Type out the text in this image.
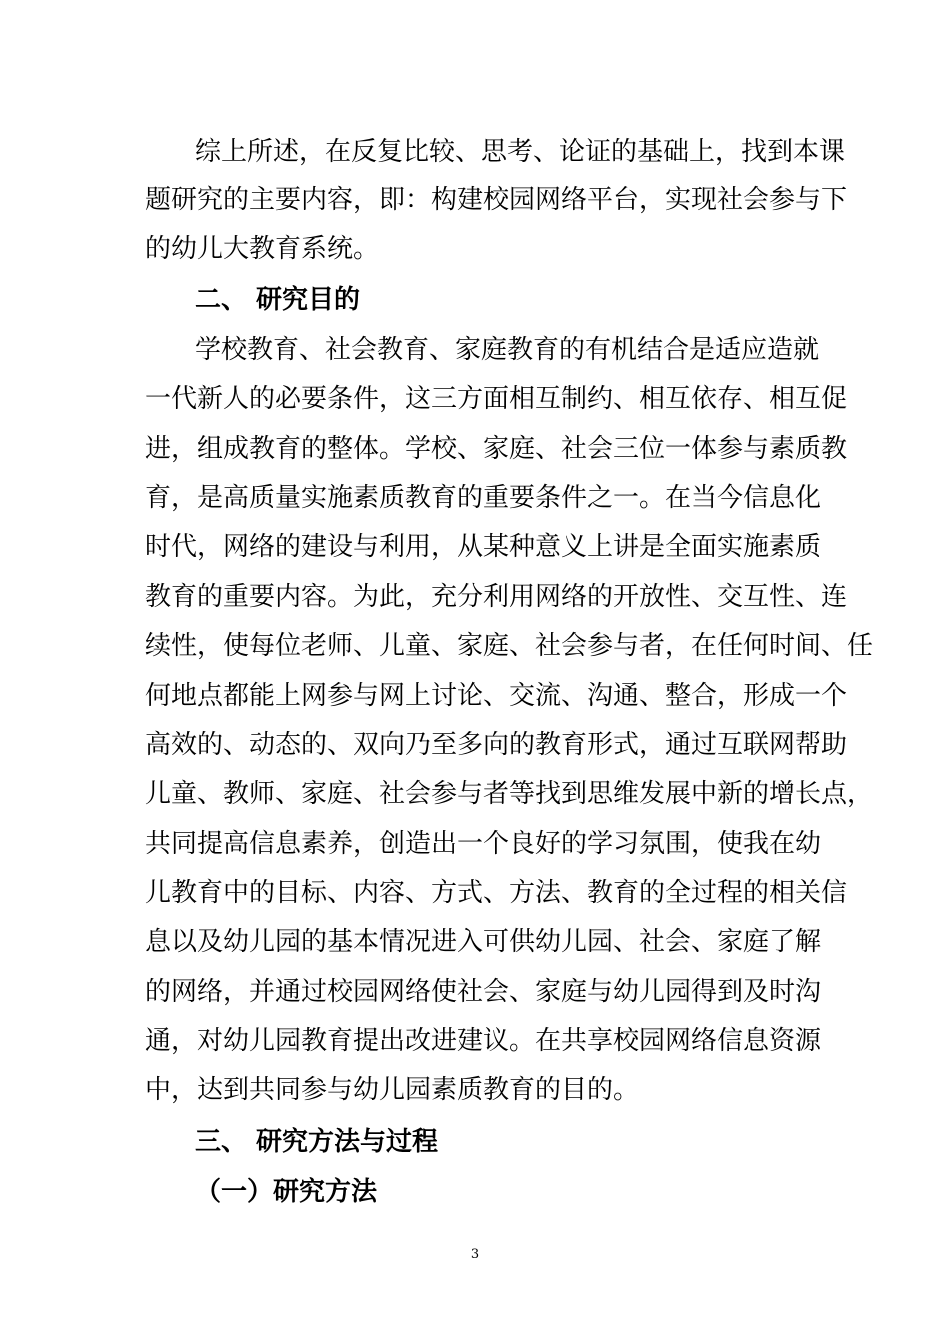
综上所述，在反复比较、思考、论证的基础上，找到本课
题研究的主要内容，即：构建校园网络平台，实现社会参与下
的幼儿大教育系统。
二、 研究目的
学校教育、社会教育、家庭教育的有机结合是适应造就
一代新人的必要条件，这三方面相互制约、相互依存、相互促
进，组成教育的整体。学校、家庭、社会三位一体参与素质教
育，是高质量实施素质教育的重要条件之一。在当今信息化
时代，网络的建设与利用，从某种意义上讲是全面实施素质
教育的重要内容。为此，充分利用网络的开放性、交互性、连
续性，使每位老师、儿童、家庭、社会参与者，在任何时间、任
何地点都能上网参与网上讨论、交流、沟通、整合，形成一个
高效的、动态的、双向乃至多向的教育形式，通过互联网帮助
儿童、教师、家庭、社会参与者等找到思维发展中新的增长点，
共同提高信息素养，创造出一个良好的学习氛围，使我在幼
儿教育中的目标、内容、方式、方法、教育的全过程的相关信
息以及幼儿园的基本情况进入可供幼儿园、社会、家庭了解
的网络，并通过校园网络使社会、家庭与幼儿园得到及时沟
通，对幼儿园教育提出改进建议。在共享校园网络信息资源
中，达到共同参与幼儿园素质教育的目的。
三、 研究方法与过程
（一）研究方法
3
